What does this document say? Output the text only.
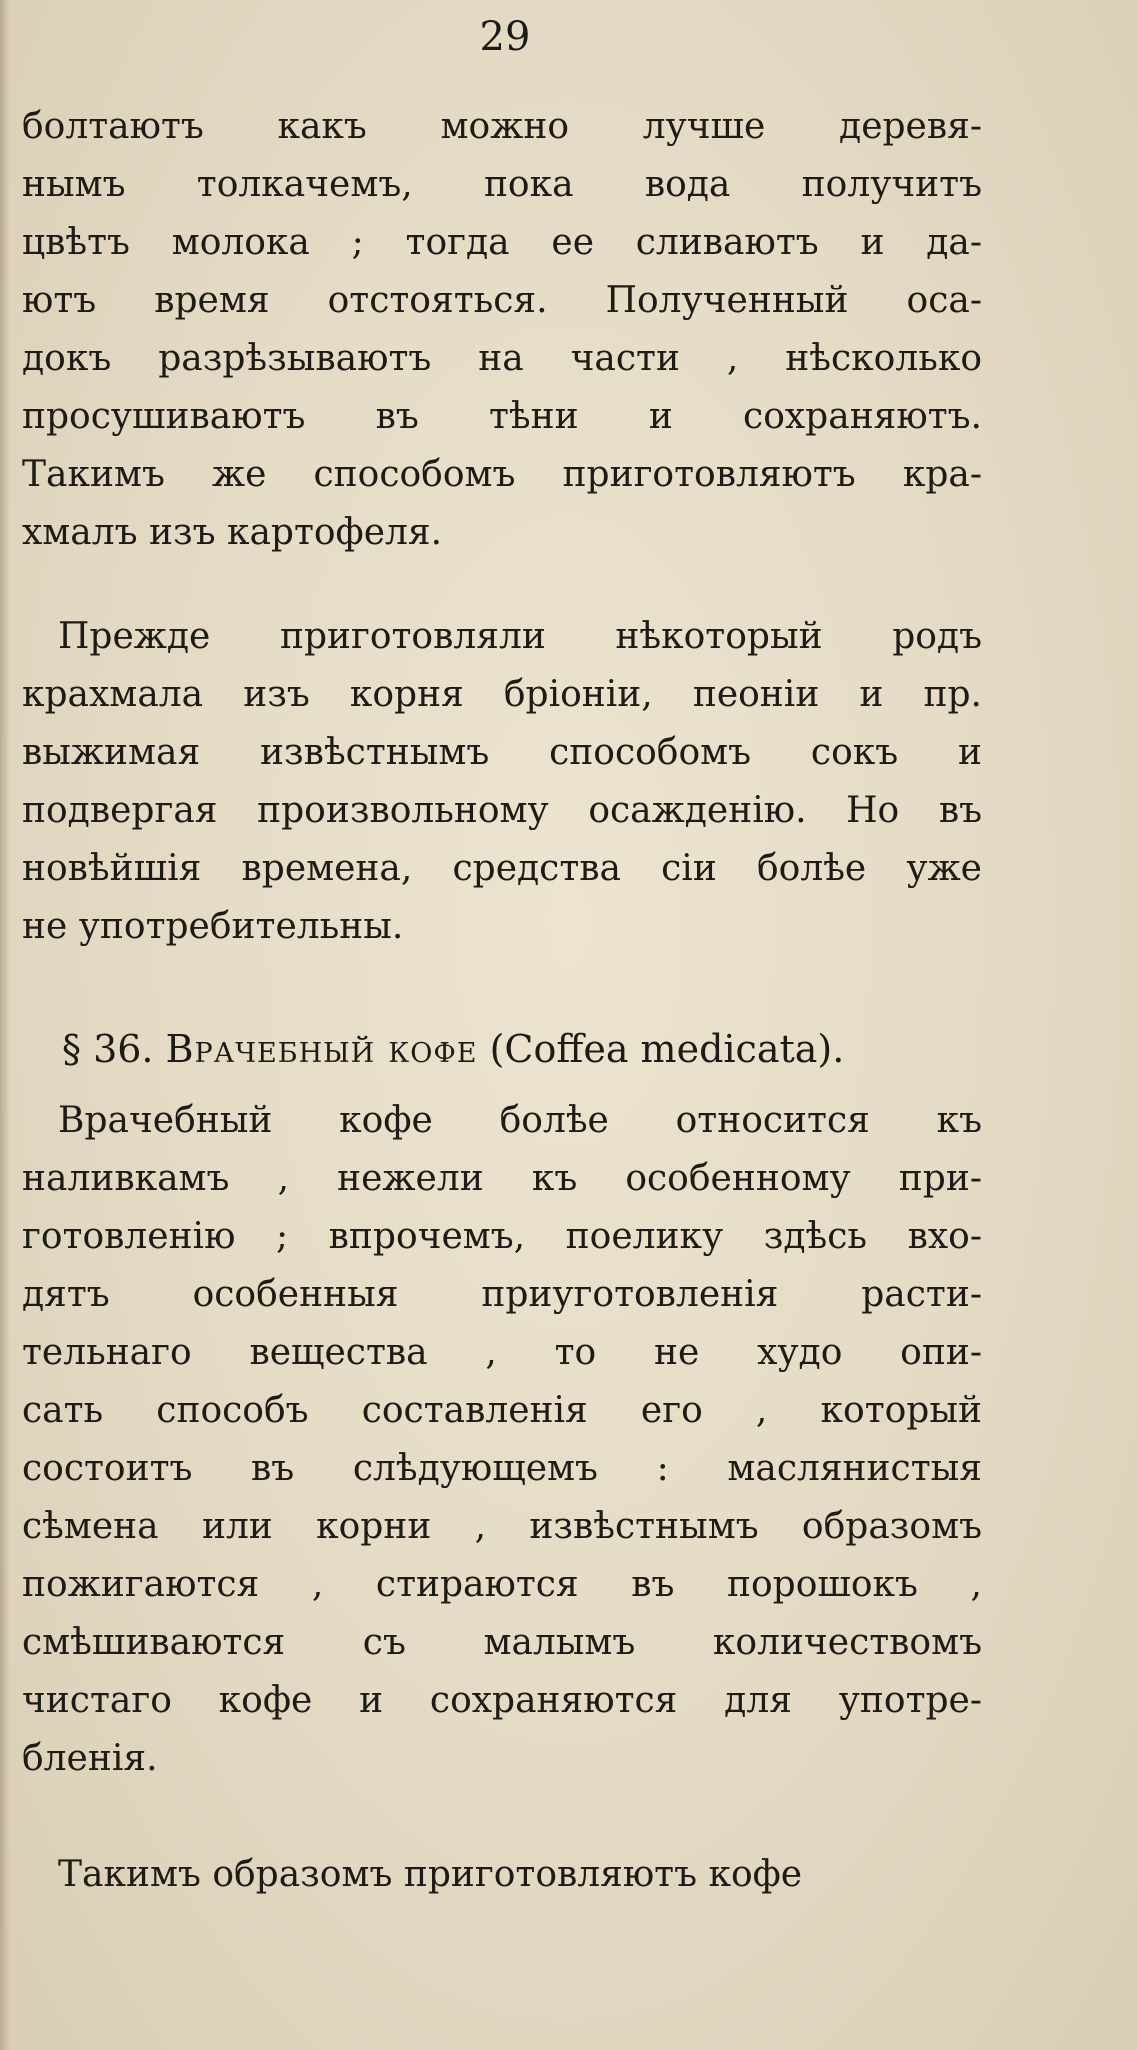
29
болтаютъ какъ можно лучше деревя-
нымъ толкачемъ, пока вода получитъ
цвѣтъ молока ; тогда ее сливаютъ и да-
ютъ время отстояться. Полученный оса-
докъ разрѣзываютъ на части , нѣсколько
просушиваютъ въ тѣни и сохраняютъ.
Такимъ же способомъ приготовляютъ кра-
хмалъ изъ картофеля.
Прежде приготовляли нѣкоторый родъ
крахмала изъ корня бріоніи, пеоніи и пр.
выжимая извѣстнымъ способомъ сокъ и
подвергая произвольному осажденію. Но въ
новѣйшія времена, средства сіи болѣе уже
не употребительны.
§ 36. Врачебный кофе (Coffea medicata).
Врачебный кофе болѣе относится къ
наливкамъ , нежели къ особенному при-
готовленію ; впрочемъ, поелику здѣсь вхо-
дятъ особенныя приуготовленія расти-
тельнаго вещества , то не худо опи-
сать способъ составленія его , который
состоитъ въ слѣдующемъ : маслянистыя
сѣмена или корни , извѣстнымъ образомъ
пожигаются , стираются въ порошокъ ,
смѣшиваются съ малымъ количествомъ
чистаго кофе и сохраняются для употре-
бленія.
Такимъ образомъ приготовляютъ кофе
